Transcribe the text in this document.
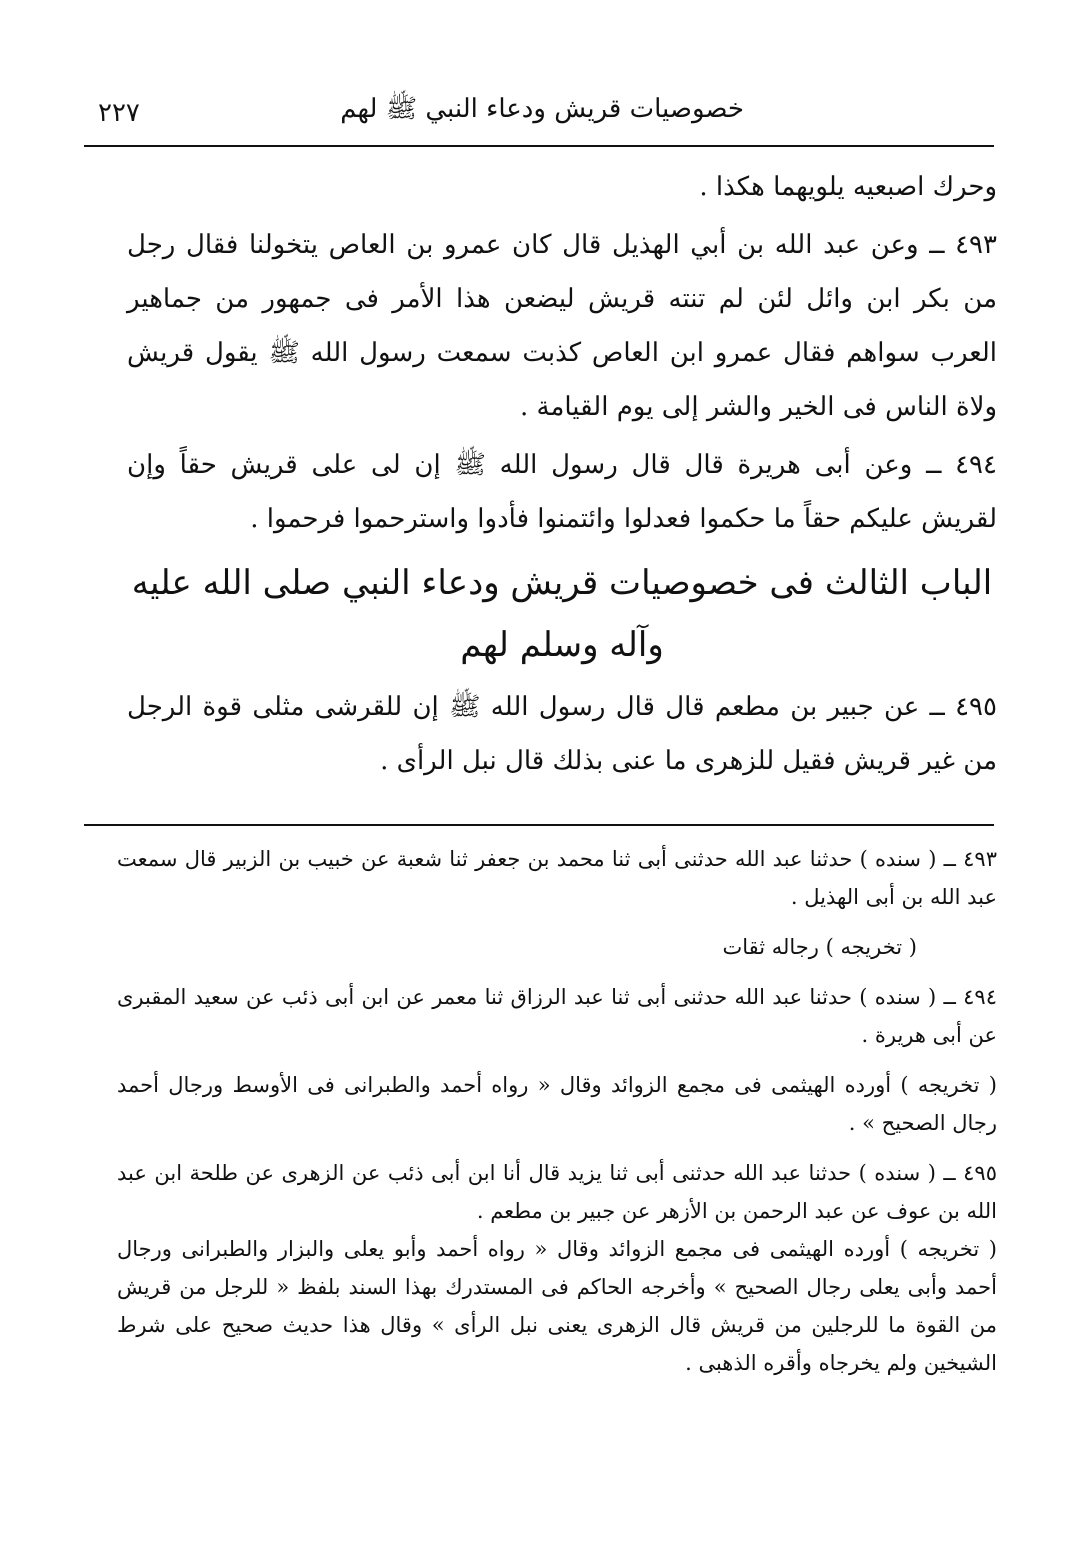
خصوصيات قريش ودعاء النبي ﷺ لهم
٢٢٧

وحرك اصبعيه يلويهما هكذا .

٤٩٣ ــ وعن عبد الله بن أبي الهذيل قال كان عمرو بن العاص يتخولنا فقال رجل من بكر ابن وائل لئن لم تنته قريش ليضعن هذا الأمر فى جمهور من جماهير العرب سواهم فقال عمرو ابن العاص كذبت سمعت رسول الله ﷺ يقول قريش ولاة الناس فى الخير والشر إلى يوم القيامة .

٤٩٤ ــ وعن أبى هريرة قال قال رسول الله ﷺ إن لى على قريش حقاً وإن لقريش عليكم حقاً ما حكموا فعدلوا وائتمنوا فأدوا واسترحموا فرحموا .

الباب الثالث فى خصوصيات قريش ودعاء النبي صلى الله عليه وآله وسلم لهم

٤٩٥ ــ عن جبير بن مطعم قال قال رسول الله ﷺ إن للقرشى مثلى قوة الرجل من غير قريش فقيل للزهرى ما عنى بذلك قال نبل الرأى .

٤٩٣ ــ ( سنده ) حدثنا عبد الله حدثنى أبى ثنا محمد بن جعفر ثنا شعبة عن خبيب بن الزبير قال سمعت عبد الله بن أبى الهذيل .

( تخريجه ) رجاله ثقات

٤٩٤ ــ ( سنده ) حدثنا عبد الله حدثنى أبى ثنا عبد الرزاق ثنا معمر عن ابن أبى ذئب عن سعيد المقبرى عن أبى هريرة .

( تخريجه ) أورده الهيثمى فى مجمع الزوائد وقال « رواه أحمد والطبرانى فى الأوسط ورجال أحمد رجال الصحيح » .

٤٩٥ ــ ( سنده ) حدثنا عبد الله حدثنى أبى ثنا يزيد قال أنا ابن أبى ذئب عن الزهرى عن طلحة ابن عبد الله بن عوف عن عبد الرحمن بن الأزهر عن جبير بن مطعم .

( تخريجه ) أورده الهيثمى فى مجمع الزوائد وقال « رواه أحمد وأبو يعلى والبزار والطبرانى ورجال أحمد وأبى يعلى رجال الصحيح » وأخرجه الحاكم فى المستدرك بهذا السند بلفظ « للرجل من قريش من القوة ما للرجلين من قريش قال الزهرى يعنى نبل الرأى » وقال هذا حديث صحيح على شرط الشيخين ولم يخرجاه وأقره الذهبى .
